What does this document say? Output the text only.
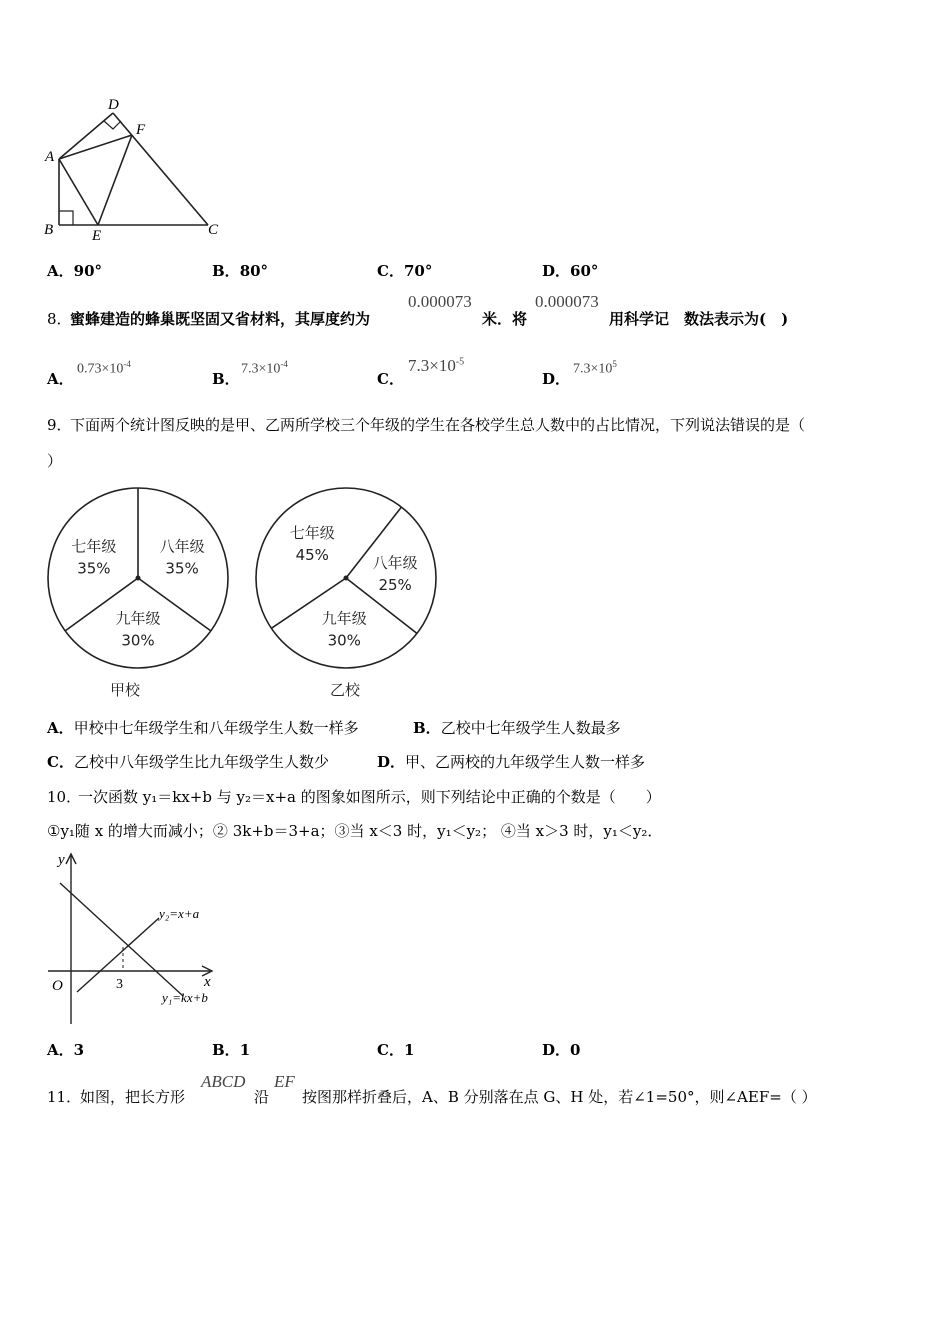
D
F
A
B	E	C
A．90°	B．80°	C．70°	D．60°
8．
蜜蜂建造的蜂巢既坚固又省材料，其厚度约为
0.000073
米．将
0.000073
用科学记　数法表示为(　)
A．
$0.73\times 10^{-4}$
B．
$7.3\times 10^{-4}$
C．
$7.3\times 10^{-5}$
D．
$7.3\times 10^5$
9．
下面两个统计图反映的是甲、乙两所学校三个年级的学生在各校学生总人数中的占比情况，下列说法错误的是（
）
七年级
35%
八年级
35%
九年级
30%
甲校
七年级
45%	八年级
25%
九年级
30%
乙校
A．甲校中七年级学生和八年级学生人数一样多	B．乙校中七年级学生人数最多
C．乙校中八年级学生比九年级学生人数少	D．甲、乙两校的九年级学生人数一样多
10．
一次函数 y₁＝kx+b 与 y₂＝x+a 的图象如图所示，则下列结论中正确的个数是（　　）
①y₁随 x 的增大而减小；② 3k+b＝3+a；③当 x＜3 时，y₁＜y₂； ④当 x＞3 时，y₁＜y₂．
y
x
O	3
y₂=x+a
y₁=kx+b
A．3	B．1	C．1	D．0
11．
如图，把长方形
ABCD
沿
EF
按图那样折叠后，A、B 分别落在点 G、H 处，若∠1=50°，则∠AEF=（ ）
